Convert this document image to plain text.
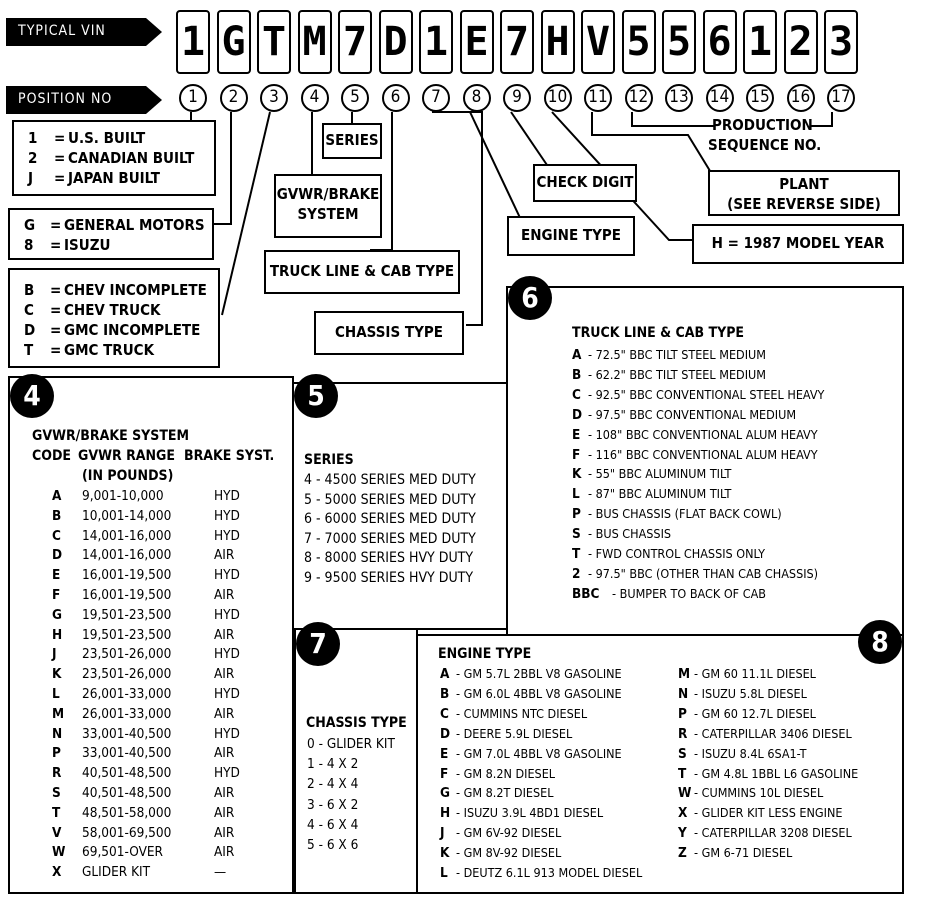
TYPICAL VIN
POSITION NO
1 G T M 7 D 1 E 7 H V 5 5 6 1 2 3
1	2	3	4	5	6	7	8	9	10 11 12 13 14 15 16 17
1 = U.S. BUILT
2 = CANADIAN BUILT
J = JAPAN BUILT
G = GENERAL MOTORS
8 = ISUZU
B = CHEV INCOMPLETE
C = CHEV TRUCK
D = GMC INCOMPLETE
T = GMC TRUCK
SERIES
GVWR/BRAKE
SYSTEM
TRUCK LINE & CAB TYPE
CHASSIS TYPE
ENGINE TYPE
CHECK DIGIT	PLANT
(SEE REVERSE SIDE)
H = 1987 MODEL YEAR
PRODUCTION
SEQUENCE NO.
4
GVWR/BRAKE SYSTEM
CODE GVWR RANGE
(IN POUNDS)
BRAKE SYST.
A 9,001-10,000	HYD
B 10,001-14,000	HYD
C 14,001-16,000	HYD
D 14,001-16,000	AIR
E 16,001-19,500	HYD
F 16,001-19,500	AIR
G 19,501-23,500	HYD
H 19,501-23,500	AIR
J 23,501-26,000	HYD
K 23,501-26,000	AIR
L 26,001-33,000	HYD
M 26,001-33,000	AIR
N 33,001-40,500	HYD
P 33,001-40,500	AIR
R 40,501-48,500	HYD
S 40,501-48,500	AIR
T 48,501-58,000	AIR
V 58,001-69,500	AIR
W 69,501-OVER	AIR
X GLIDER KIT	—
5
SERIES
4 - 4500 SERIES MED DUTY
5 - 5000 SERIES MED DUTY
6 - 6000 SERIES MED DUTY
7 - 7000 SERIES MED DUTY
8 - 8000 SERIES HVY DUTY
9 - 9500 SERIES HVY DUTY
6
TRUCK LINE & CAB TYPE
A - 72.5" BBC TILT STEEL MEDIUM
B - 62.2" BBC TILT STEEL MEDIUM
C - 92.5" BBC CONVENTIONAL STEEL HEAVY
D - 97.5" BBC CONVENTIONAL MEDIUM
E - 108" BBC CONVENTIONAL ALUM HEAVY
F - 116" BBC CONVENTIONAL ALUM HEAVY
K - 55" BBC ALUMINUM TILT
L - 87" BBC ALUMINUM TILT
P - BUS CHASSIS (FLAT BACK COWL)
S - BUS CHASSIS
T - FWD CONTROL CHASSIS ONLY
2 - 97.5" BBC (OTHER THAN CAB CHASSIS)
BBC - BUMPER TO BACK OF CAB
7
CHASSIS TYPE
0 - GLIDER KIT
1 - 4 X 2
2 - 4 X 4
3 - 6 X 2
4 - 6 X 4
5 - 6 X 6
8
ENGINE TYPE
A - GM 5.7L 2BBL V8 GASOLINE
B - GM 6.0L 4BBL V8 GASOLINE
C - CUMMINS NTC DIESEL
D - DEERE 5.9L DIESEL
E - GM 7.0L 4BBL V8 GASOLINE
F - GM 8.2N DIESEL
G - GM 8.2T DIESEL
H - ISUZU 3.9L 4BD1 DIESEL
J - GM 6V-92 DIESEL
K - GM 8V-92 DIESEL
L - DEUTZ 6.1L 913 MODEL DIESEL
M - GM 60 11.1L DIESEL
N - ISUZU 5.8L DIESEL
P - GM 60 12.7L DIESEL
R - CATERPILLAR 3406 DIESEL
S - ISUZU 8.4L 6SA1-T
T - GM 4.8L 1BBL L6 GASOLINE
W - CUMMINS 10L DIESEL
X - GLIDER KIT LESS ENGINE
Y - CATERPILLAR 3208 DIESEL
Z - GM 6-71 DIESEL
